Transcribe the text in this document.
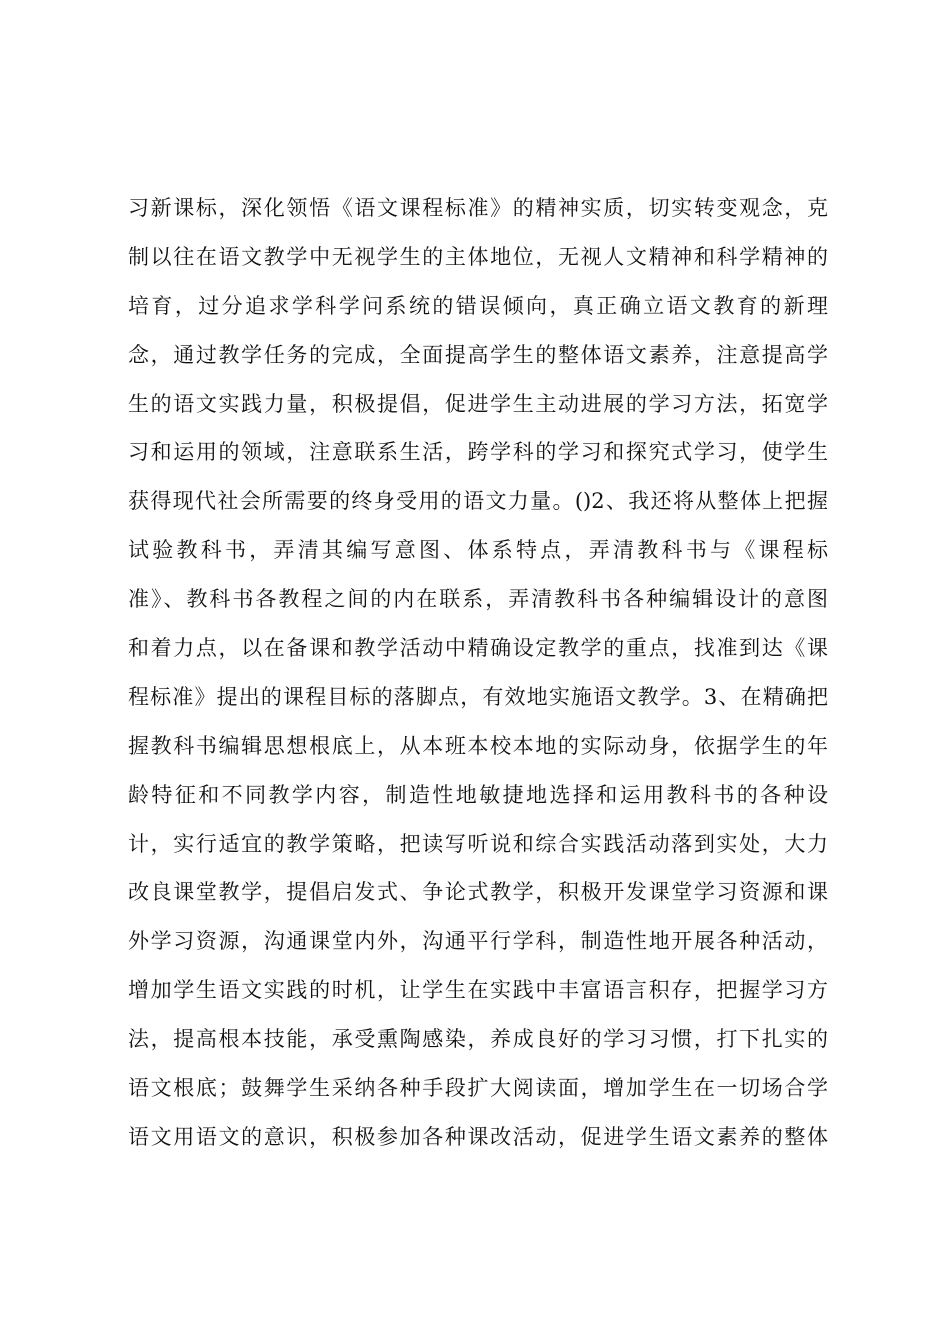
习新课标，深化领悟《语文课程标准》的精神实质，切实转变观念，克
制以往在语文教学中无视学生的主体地位，无视人文精神和科学精神的
培育，过分追求学科学问系统的错误倾向，真正确立语文教育的新理
念，通过教学任务的完成，全面提高学生的整体语文素养，注意提高学
生的语文实践力量，积极提倡，促进学生主动进展的学习方法，拓宽学
习和运用的领域，注意联系生活，跨学科的学习和探究式学习，使学生
获得现代社会所需要的终身受用的语文力量。()2、我还将从整体上把握
试验教科书，弄清其编写意图、体系特点，弄清教科书与《课程标
准》、教科书各教程之间的内在联系，弄清教科书各种编辑设计的意图
和着力点，以在备课和教学活动中精确设定教学的重点，找准到达《课
程标准》提出的课程目标的落脚点，有效地实施语文教学。3、在精确把
握教科书编辑思想根底上，从本班本校本地的实际动身，依据学生的年
龄特征和不同教学内容，制造性地敏捷地选择和运用教科书的各种设
计，实行适宜的教学策略，把读写听说和综合实践活动落到实处，大力
改良课堂教学，提倡启发式、争论式教学，积极开发课堂学习资源和课
外学习资源，沟通课堂内外，沟通平行学科，制造性地开展各种活动，
增加学生语文实践的时机，让学生在实践中丰富语言积存，把握学习方
法，提高根本技能，承受熏陶感染，养成良好的学习习惯，打下扎实的
语文根底；鼓舞学生采纳各种手段扩大阅读面，增加学生在一切场合学
语文用语文的意识，积极参加各种课改活动，促进学生语文素养的整体
